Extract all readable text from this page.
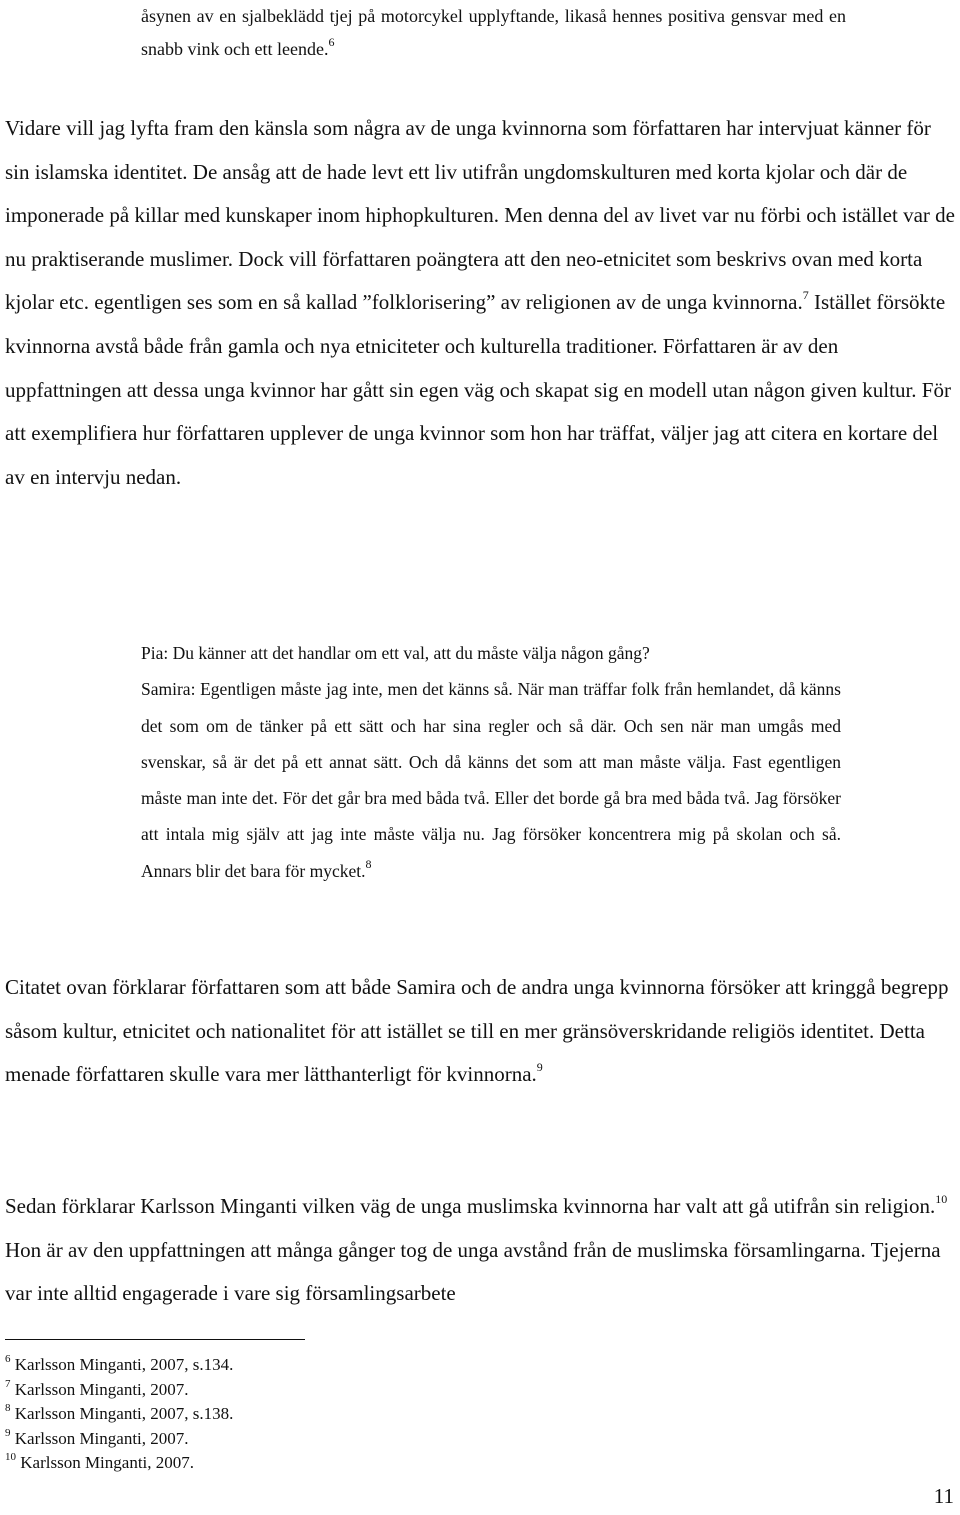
åsynen av en sjalbeklädd tjej på motorcykel upplyftande, likaså hennes positiva gensvar med en snabb vink och ett leende.$^6$

Vidare vill jag lyfta fram den känsla som några av de unga kvinnorna som författaren har intervjuat känner för sin islamska identitet. De ansåg att de hade levt ett liv utifrån ungdomskulturen med korta kjolar och där de imponerade på killar med kunskaper inom hiphopkulturen. Men denna del av livet var nu förbi och istället var de nu praktiserande muslimer. Dock vill författaren poängtera att den neo-etnicitet som beskrivs ovan med korta kjolar etc. egentligen ses som en så kallad ”folklorisering” av religionen av de unga kvinnorna.$^7$ Istället försökte kvinnorna avstå både från gamla och nya etniciteter och kulturella traditioner. Författaren är av den uppfattningen att dessa unga kvinnor har gått sin egen väg och skapat sig en modell utan någon given kultur. För att exemplifiera hur författaren upplever de unga kvinnor som hon har träffat, väljer jag att citera en kortare del av en intervju nedan.

Pia: Du känner att det handlar om ett val, att du måste välja någon gång?

Samira: Egentligen måste jag inte, men det känns så. När man träffar folk från hemlandet, då känns det som om de tänker på ett sätt och har sina regler och så där. Och sen när man umgås med svenskar, så är det på ett annat sätt. Och då känns det som att man måste välja. Fast egentligen måste man inte det. För det går bra med båda två. Eller det borde gå bra med båda två. Jag försöker att intala mig själv att jag inte måste välja nu. Jag försöker koncentrera mig på skolan och så. Annars blir det bara för mycket.$^8$

Citatet ovan förklarar författaren som att både Samira och de andra unga kvinnorna försöker att kringgå begrepp såsom kultur, etnicitet och nationalitet för att istället se till en mer gränsöverskridande religiös identitet. Detta menade författaren skulle vara mer lätthanterligt för kvinnorna.$^9$

Sedan förklarar Karlsson Minganti vilken väg de unga muslimska kvinnorna har valt att gå utifrån sin religion.$^{10}$ Hon är av den uppfattningen att många gånger tog de unga avstånd från de muslimska församlingarna. Tjejerna var inte alltid engagerade i vare sig församlingsarbete

$^6$ Karlsson Minganti, 2007, s.134.

$^7$ Karlsson Minganti, 2007.

$^8$ Karlsson Minganti, 2007, s.138.

$^9$ Karlsson Minganti, 2007.

$^{10}$ Karlsson Minganti, 2007.

11
